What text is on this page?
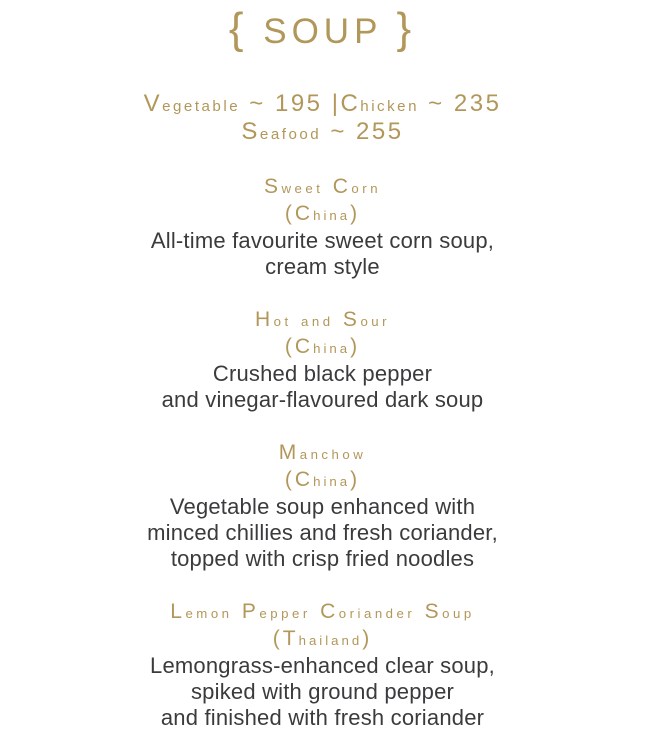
{ SOUP }
Vegetable ~ 195 |Chicken ~ 235
Seafood ~ 255
Sweet Corn
(China)
All-time favourite sweet corn soup,
cream style
Hot and Sour
(China)
Crushed black pepper
and vinegar-flavoured dark soup
Manchow
(China)
Vegetable soup enhanced with
minced chillies and fresh coriander,
topped with crisp fried noodles
Lemon Pepper Coriander Soup
(Thailand)
Lemongrass-enhanced clear soup,
spiked with ground pepper
and finished with fresh coriander
